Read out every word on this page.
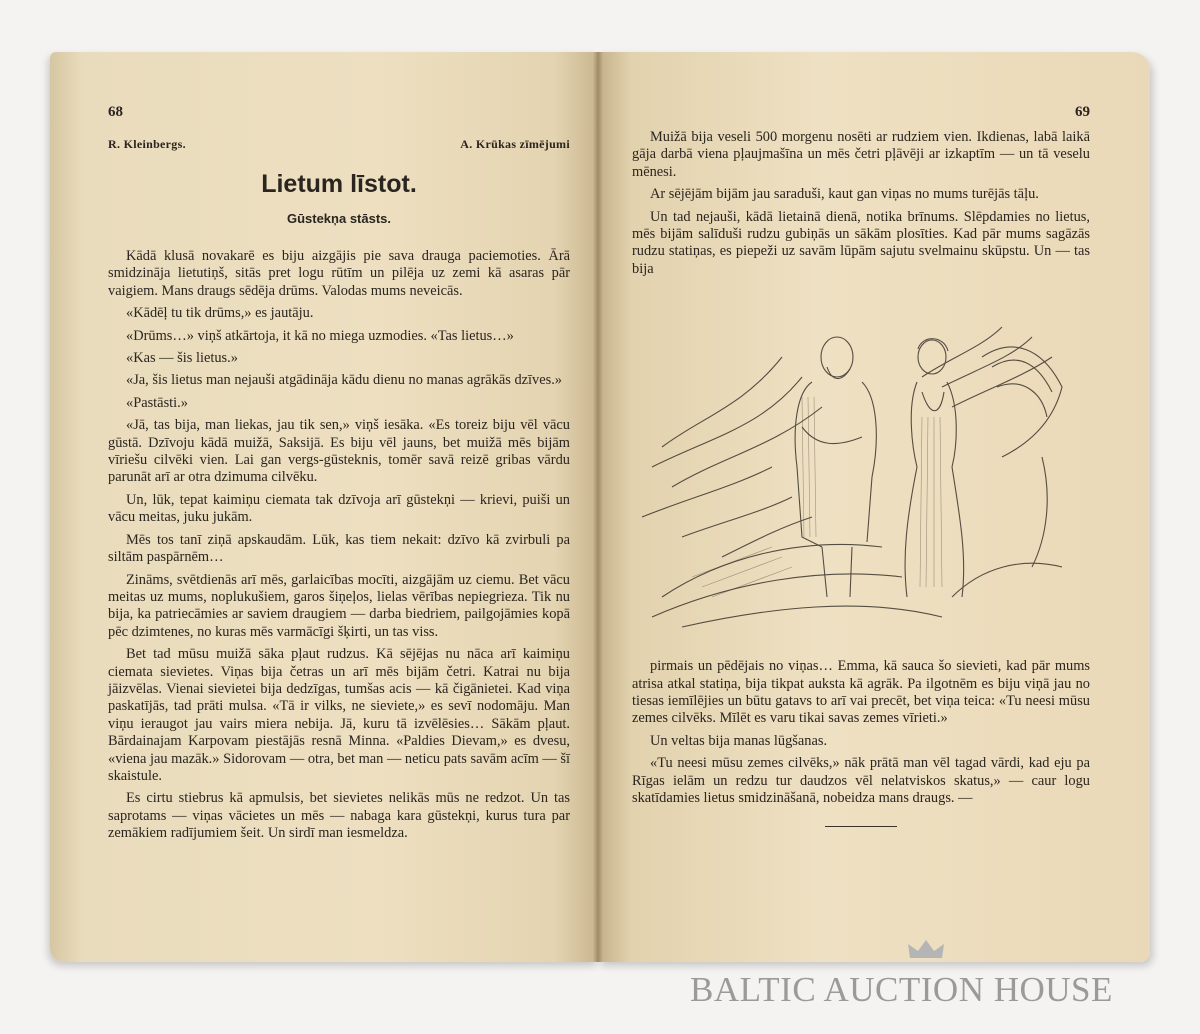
68
R. Kleinbergs.	A. Krūkas zīmējumi
Lietum līstot.
Gūstekņa stāsts.

Kādā klusā novakarē es biju aizgājis pie sava drauga paciemoties. Ārā smidzināja lietutiņš, sitās pret logu rūtīm un pilēja uz zemi kā asaras pār vaigiem. Mans draugs sēdēja drūms. Valodas mums neveicās.

«Kādēļ tu tik drūms,» es jautāju.

«Drūms…» viņš atkārtoja, it kā no miega uzmodies. «Tas lietus…»

«Kas — šis lietus.»

«Ja, šis lietus man nejauši atgādināja kādu dienu no manas agrākās dzīves.»

«Pastāsti.»

«Jā, tas bija, man liekas, jau tik sen,» viņš iesāka. «Es toreiz biju vēl vācu gūstā. Dzīvoju kādā muižā, Saksijā. Es biju vēl jauns, bet muižā mēs bijām vīriešu cilvēki vien. Lai gan vergs-gūsteknis, tomēr savā reizē gribas vārdu parunāt arī ar otra dzimuma cilvēku.

Un, lūk, tepat kaimiņu ciemata tak dzīvoja arī gūstekņi — krievi, puiši un vācu meitas, juku jukām.

Mēs tos tanī ziņā apskaudām. Lūk, kas tiem nekait: dzīvo kā zvirbuli pa siltām paspārnēm…

Zināms, svētdienās arī mēs, garlaicības mocīti, aizgājām uz ciemu. Bet vācu meitas uz mums, noplukušiem, garos šiņeļos, lielas vērības nepiegrieza. Tik nu bija, ka patriecāmies ar saviem draugiem — darba biedriem, pailgojāmies kopā pēc dzimtenes, no kuras mēs varmācīgi šķirti, un tas viss.

Bet tad mūsu muižā sāka pļaut rudzus. Kā sējējas nu nāca arī kaimiņu ciemata sievietes. Viņas bija četras un arī mēs bijām četri. Katrai nu bija jāizvēlas. Vienai sievietei bija dedzīgas, tumšas acis — kā čigānietei. Kad viņa paskatījās, tad prāti mulsa. «Tā ir vilks, ne sieviete,» es sevī nodomāju. Man viņu ieraugot jau vairs miera nebija. Jā, kuru tā izvēlēsies… Sākām pļaut. Bārdainajam Karpovam piestājās resnā Minna. «Paldies Dievam,» es dvesu, «viena jau mazāk.» Sidorovam — otra, bet man — neticu pats savām acīm — šī skaistule.

Es cirtu stiebrus kā apmulsis, bet sievietes nelikās mūs ne redzot. Un tas saprotams — viņas vācietes un mēs — nabaga kara gūstekņi, kurus tura par zemākiem radījumiem šeit. Un sirdī man iesmeldza.

69

Muižā bija veseli 500 morgenu nosēti ar rudziem vien. Ikdienas, labā laikā gāja darbā viena pļaujmašīna un mēs četri pļāvēji ar izkaptīm — un tā veselu mēnesi.

Ar sējējām bijām jau saraduši, kaut gan viņas no mums turējās tāļu.

Un tad nejauši, kādā lietainā dienā, notika brīnums. Slēpdamies no lietus, mēs bijām salīduši rudzu gubiņās un sākām plosīties. Kad pār mums sagāzās rudzu statiņas, es piepeži uz savām lūpām sajutu svelmainu skūpstu. Un — tas bija

pirmais un pēdējais no viņas… Emma, kā sauca šo sievieti, kad pār mums atrisa atkal statiņa, bija tikpat auksta kā agrāk. Pa ilgotnēm es biju viņā jau no tiesas iemīlējies un būtu gatavs to arī vai precēt, bet viņa teica: «Tu neesi mūsu zemes cilvēks. Mīlēt es varu tikai savas zemes vīrieti.»

Un veltas bija manas lūgšanas.

«Tu neesi mūsu zemes cilvēks,» nāk prātā man vēl tagad vārdi, kad eju pa Rīgas ielām un redzu tur daudzos vēl nelatviskos skatus,» — caur logu skatīdamies lietus smidzināšanā, nobeidza mans draugs. —

BALTIC AUCTION HOUSE
